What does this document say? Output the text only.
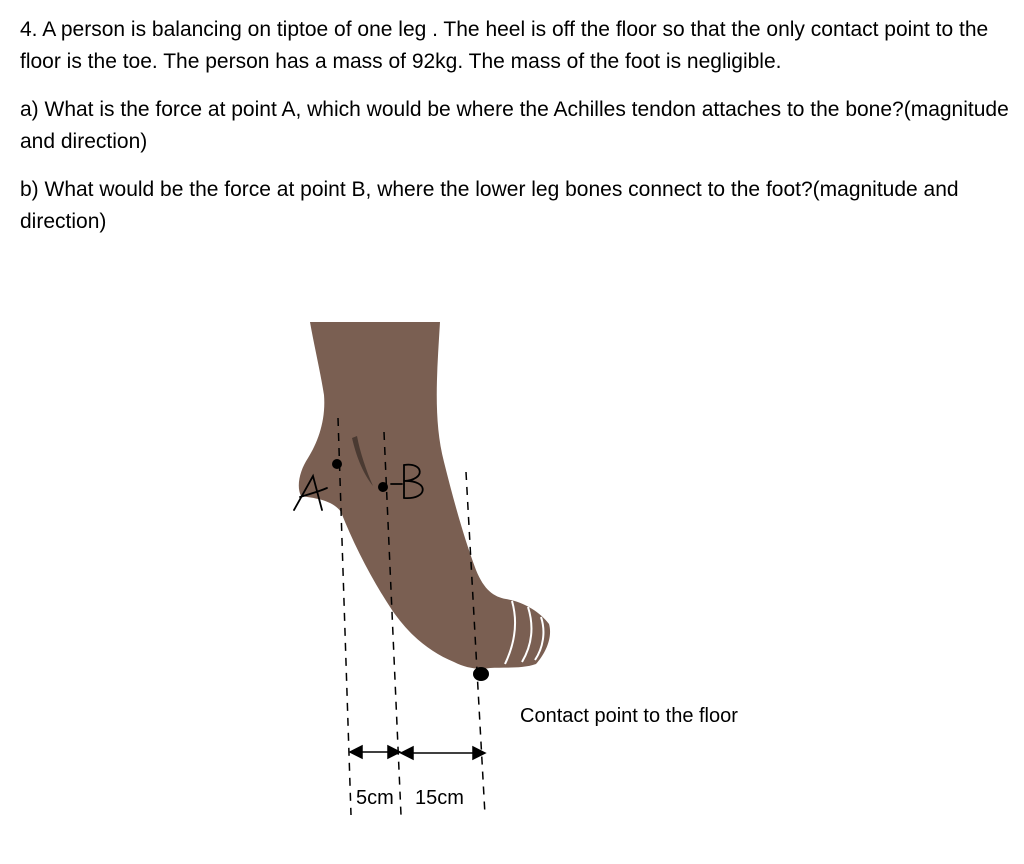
4. A person is balancing on tiptoe of one leg . The heel is off the floor so that the only contact point to the floor is the toe. The person has a mass of 92kg. The mass of the foot is negligible.

a) What is the force at point A, which would be where the Achilles tendon attaches to the bone?(magnitude and direction)

b) What would be the force at point B, where the lower leg bones connect to the foot?(magnitude and direction)

Contact point to the floor
5cm 15cm
